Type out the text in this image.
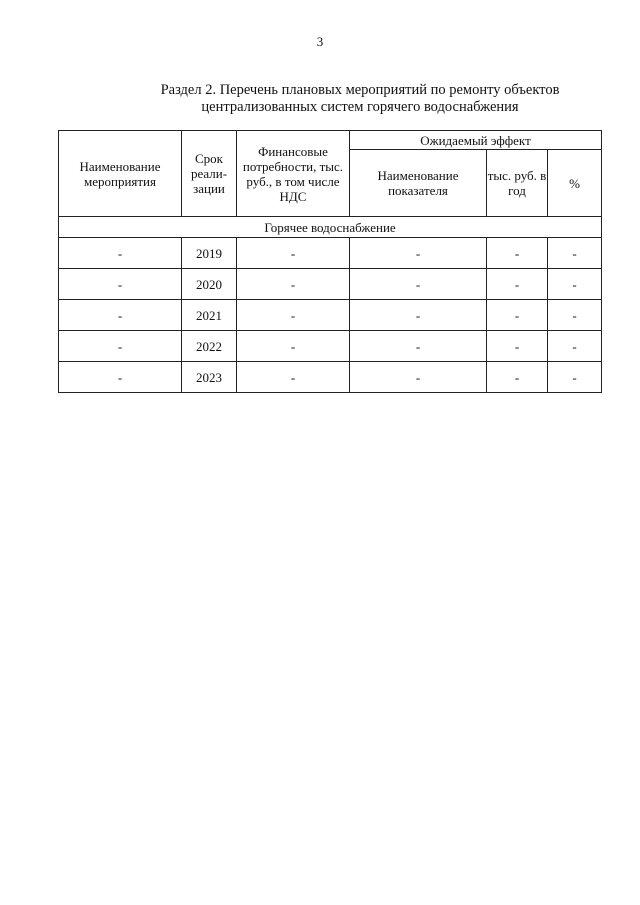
3
Раздел 2. Перечень плановых мероприятий по ремонту объектов
централизованных систем горячего водоснабжения
Наименование мероприятия	Срок реали-зации	Финансовые потребности, тыс. руб., в том числе НДС	Ожидаемый эффект		
			Наименование показателя	тыс. руб. в год	%
Горячее водоснабжение					
-	2019	-	-	-	-
-	2020	-	-	-	-
-	2021	-	-	-	-
-	2022	-	-	-	-
-	2023	-	-	-	-
